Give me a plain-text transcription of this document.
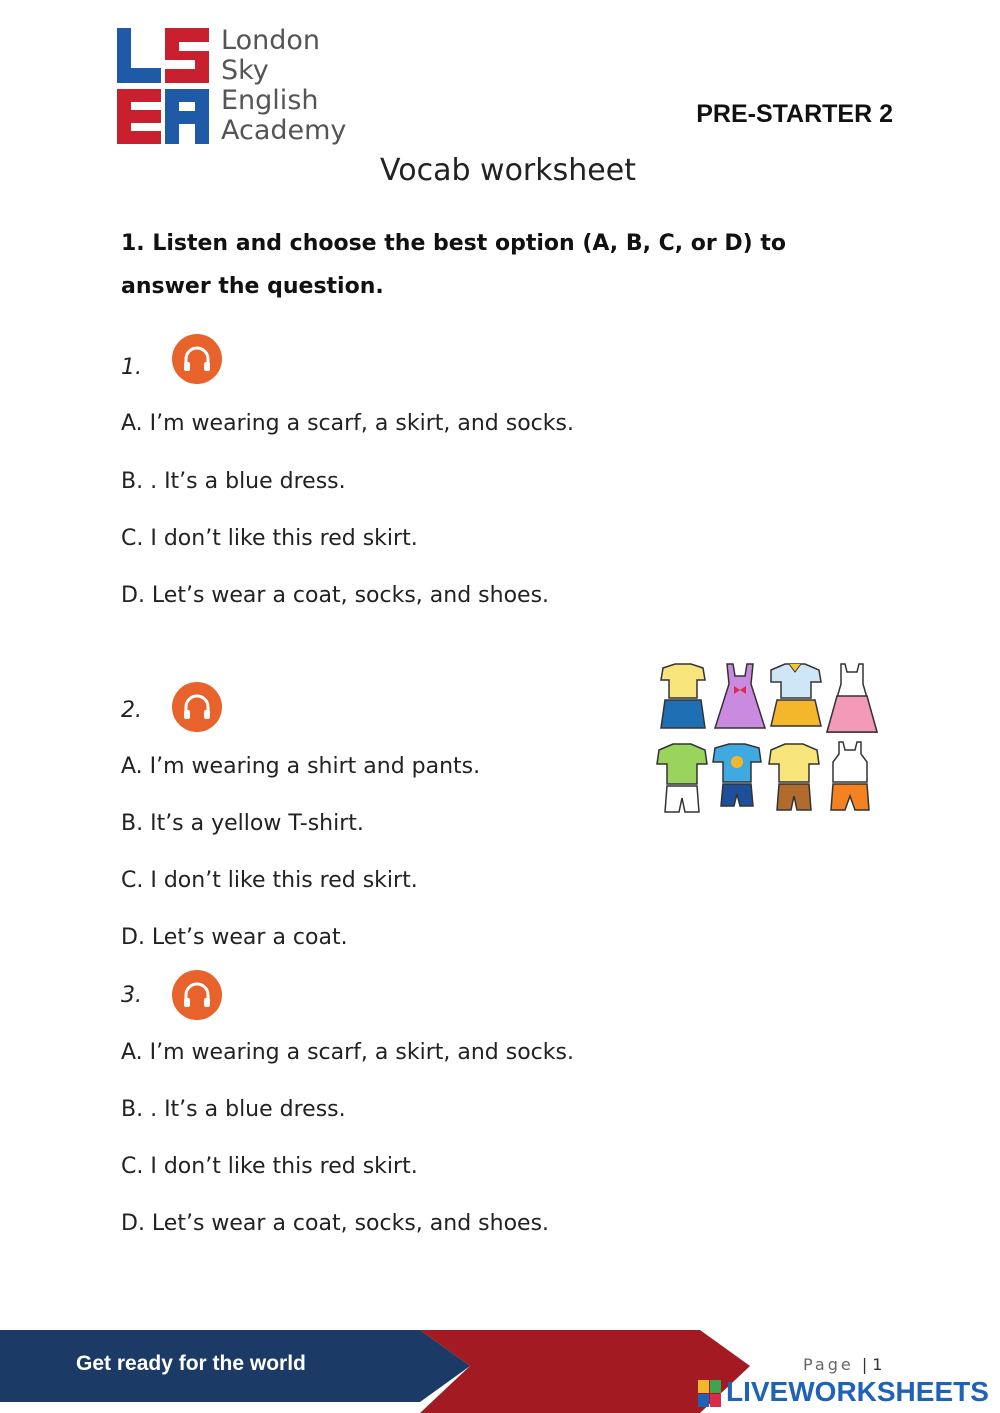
London
Sky
English
Academy
PRE-STARTER 2
Vocab worksheet
1. Listen and choose the best option (A, B, C, or D) to answer the question.
1.
A. I’m wearing a scarf, a skirt, and socks.
B. . It’s a blue dress.
C. I don’t like this red skirt.
D. Let’s wear a coat, socks, and shoes.
2.
A. I’m wearing a shirt and pants.
B. It’s a yellow T-shirt.
C. I don’t like this red skirt.
D. Let’s wear a coat.
3.
A. I’m wearing a scarf, a skirt, and socks.
B. . It’s a blue dress.
C. I don’t like this red skirt.
D. Let’s wear a coat, socks, and shoes.
Get ready for the world	Page | 1
LIVEWORKSHEETS
